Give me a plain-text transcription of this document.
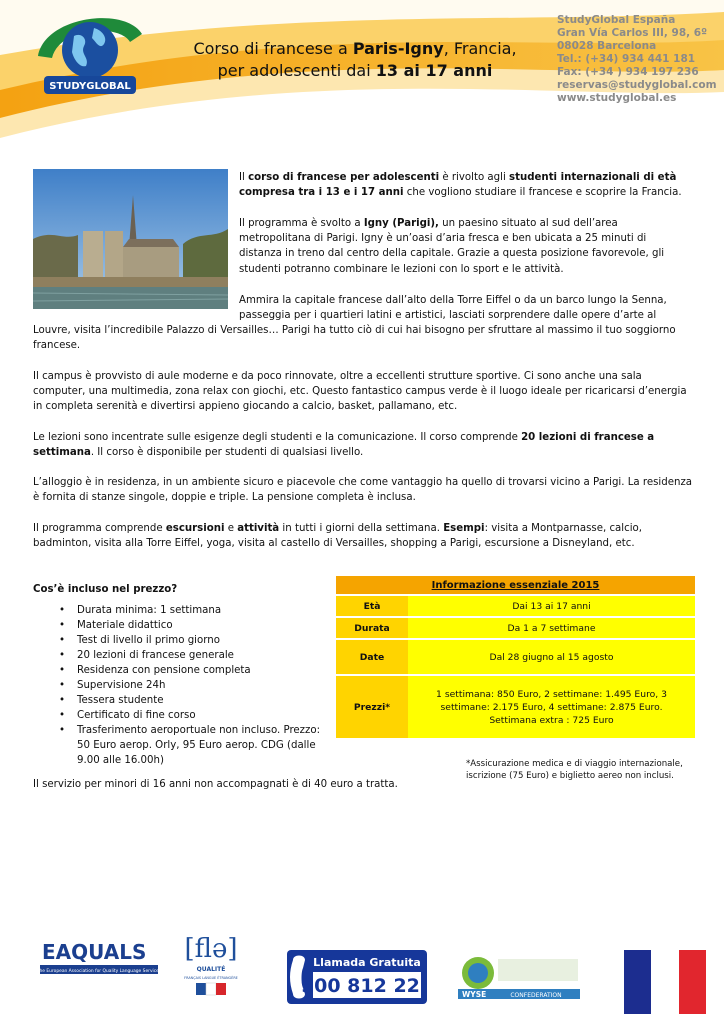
STUDYGLOBAL
Corso di francese a Paris-Igny, Francia,
per adolescenti dai 13 ai 17 anni
StudyGlobal España
Gran Vía Carlos III, 98, 6º
08028 Barcelona
Tel.: (+34) 934 441 181
Fax: (+34 ) 934 197 236
reservas@studyglobal.com
www.studyglobal.es

Il corso di francese per adolescenti è rivolto agli studenti internazionali di età compresa tra i 13 e i 17 anni che vogliono studiare il francese e scoprire la Francia.

Il programma è svolto a Igny (Parigi), un paesino situato al sud dell’area metropolitana di Parigi. Igny è un’oasi d’aria fresca e ben ubicata a 25 minuti di distanza in treno dal centro della capitale. Grazie a questa posizione favorevole, gli studenti potranno combinare le lezioni con lo sport e le attività.

Ammira la capitale francese dall’alto della Torre Eiffel o da un barco lungo la Senna, passeggia per i quartieri latini e artistici, lasciati sorprendere dalle opere d’arte al

Louvre, visita l’incredibile Palazzo di Versailles… Parigi ha tutto ciò di cui hai bisogno per sfruttare al massimo il tuo soggiorno francese.

Il campus è provvisto di aule moderne e da poco rinnovate, oltre a eccellenti strutture sportive. Ci sono anche una sala computer, una multimedia, zona relax con giochi, etc. Questo fantastico campus verde è il luogo ideale per ricaricarsi d’energia in completa serenità e divertirsi appieno giocando a calcio, basket, pallamano, etc.

Le lezioni sono incentrate sulle esigenze degli studenti e la comunicazione. Il corso comprende 20 lezioni di francese a settimana. Il corso è disponibile per studenti di qualsiasi livello.

L’alloggio è in residenza, in un ambiente sicuro e piacevole che come vantaggio ha quello di trovarsi vicino a Parigi. La residenza è fornita di stanze singole, doppie e triple. La pensione completa è inclusa.

Il programma comprende escursioni e attività in tutti i giorni della settimana. Esempi: visita a Montparnasse, calcio, badminton, visita alla Torre Eiffel, yoga, visita al castello di Versailles, shopping a Parigi, escursione a Disneyland, etc.

Cos’è incluso nel prezzo?
• Durata minima: 1 settimana
• Materiale didattico
• Test di livello il primo giorno
• 20 lezioni di francese generale
• Residenza con pensione completa
• Supervisione 24h
• Tessera studente
• Certificato di fine corso
• Trasferimento aeroportuale non incluso. Prezzo: 50 Euro aerop. Orly, 95 Euro aerop. CDG (dalle 9.00 alle 16.00h)
Il servizio per minori di 16 anni non accompagnati è di 40 euro a tratta.
Informazione essenziale 2015	
Età	Dai 13 ai 17 anni
Durata	Da 1 a 7 settimane
Date	Dal 28 giugno al 15 agosto
Prezzi*	1 settimana: 850 Euro, 2 settimane: 1.495 Euro, 3 settimane: 2.175 Euro, 4 settimane: 2.875 Euro. Settimana extra : 725 Euro
*Assicurazione medica e di viaggio internazionale, iscrizione (75 Euro) e biglietto aereo non inclusi.
EAQUALS
The European Association for Quality Language Services
[flə]
QUALITÉ
FRANÇAIS LANGUE ÉTRANGÈRE
Llamada Gratuita
900 812 222	WYSE	CONFEDERATION
